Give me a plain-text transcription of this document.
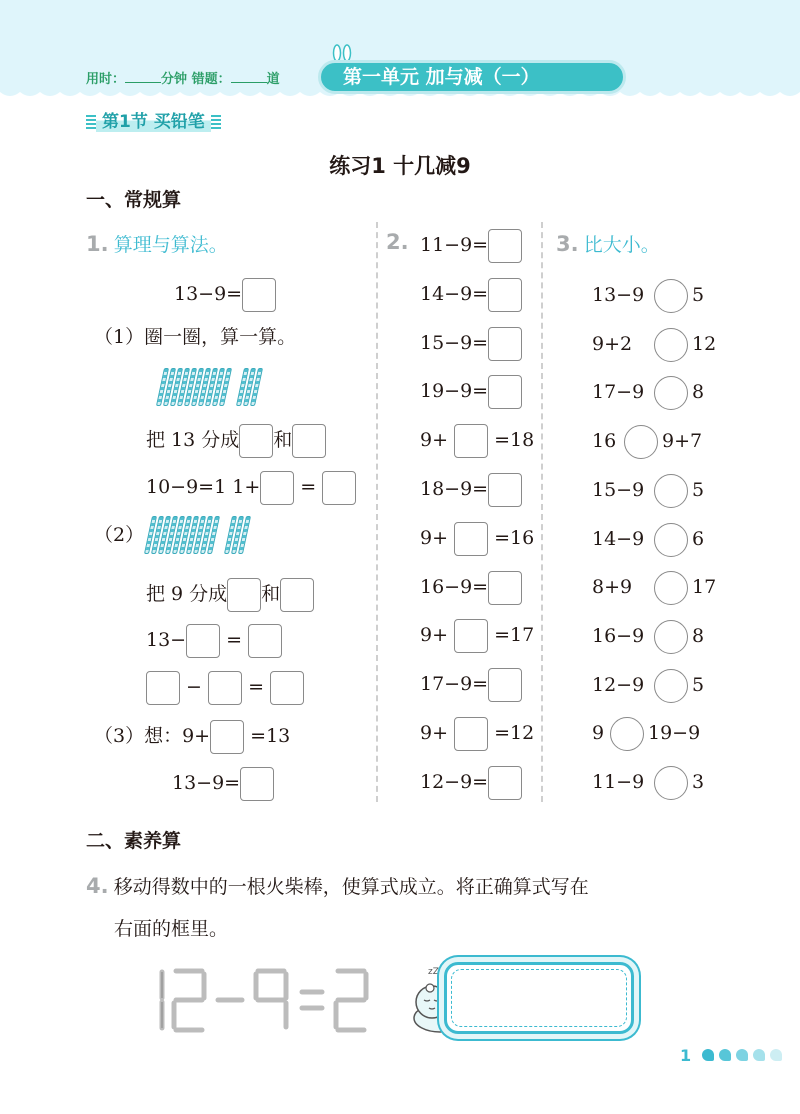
用时：	分钟 错题：	道	第一单元 加与减（一）
第1节 买铅笔
练习1 十几减9
一、常规算
1. 算理与算法。
13−9=
（1）圈一圈，算一算。
把 13 分成 和
10−9=1 1+ =
（2）
把 9 分成 和
13− =
− =
（3）想：9+ =13
13−9=
2. 11−9=
14−9=
15−9=
19−9=
9+ =18
18−9=
9+ =16
16−9=
9+ =17
17−9=
9+ =12
12−9=
3. 比大小。
13−9	5
9+2	12
17−9	8
16 9+7
15−9	5
14−9	6
8+9	17
16−9	8
12−9	5
9 19−9
11−9	3
二、素养算
4. 移动得数中的一根火柴棒，使算式成立。将正确算式写在
右面的框里。
zZ
1
